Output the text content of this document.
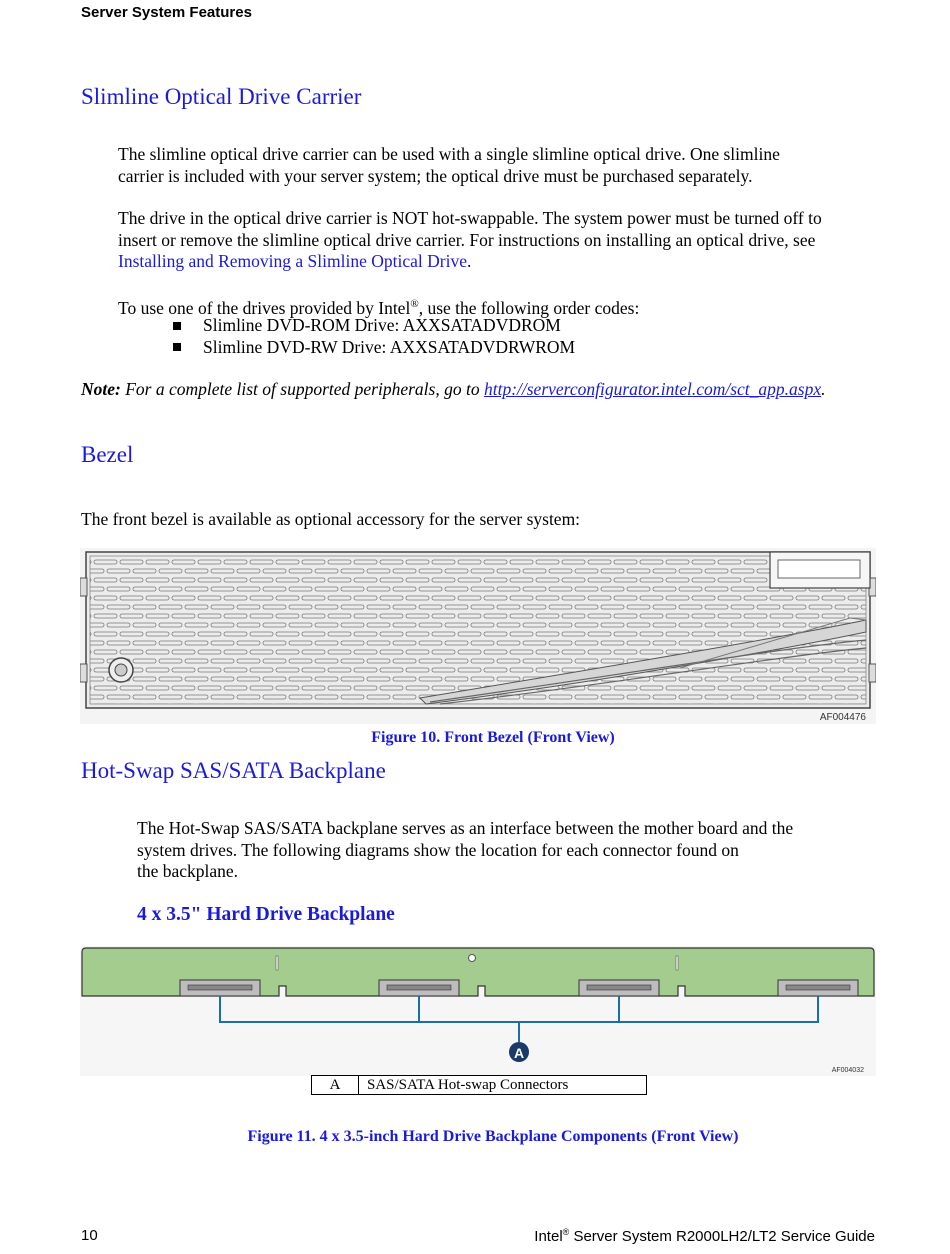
Server System Features
Slimline Optical Drive Carrier
The slimline optical drive carrier can be used with a single slimline optical drive. One slimline
carrier is included with your server system; the optical drive must be purchased separately.
The drive in the optical drive carrier is NOT hot-swappable. The system power must be turned off to
insert or remove the slimline optical drive carrier. For instructions on installing an optical drive, see
Installing and Removing a Slimline Optical Drive.
To use one of the drives provided by Intel®, use the following order codes:
Slimline DVD-ROM Drive: AXXSATADVDROM
Slimline DVD-RW Drive: AXXSATADVDRWROM
Note: For a complete list of supported peripherals, go to http://serverconfigurator.intel.com/sct_app.aspx.
Bezel
The front bezel is available as optional accessory for the server system:
AF004476
Figure 10. Front Bezel (Front View)
Hot-Swap SAS/SATA Backplane
The Hot-Swap SAS/SATA backplane serves as an interface between the mother board and the
system drives. The following diagrams show the location for each connector found on
the backplane.
4 x 3.5" Hard Drive Backplane
A
AF004032
A	SAS/SATA Hot-swap Connectors
Figure 11. 4 x 3.5-inch Hard Drive Backplane Components (Front View)
10	Intel® Server System R2000LH2/LT2 Service Guide
